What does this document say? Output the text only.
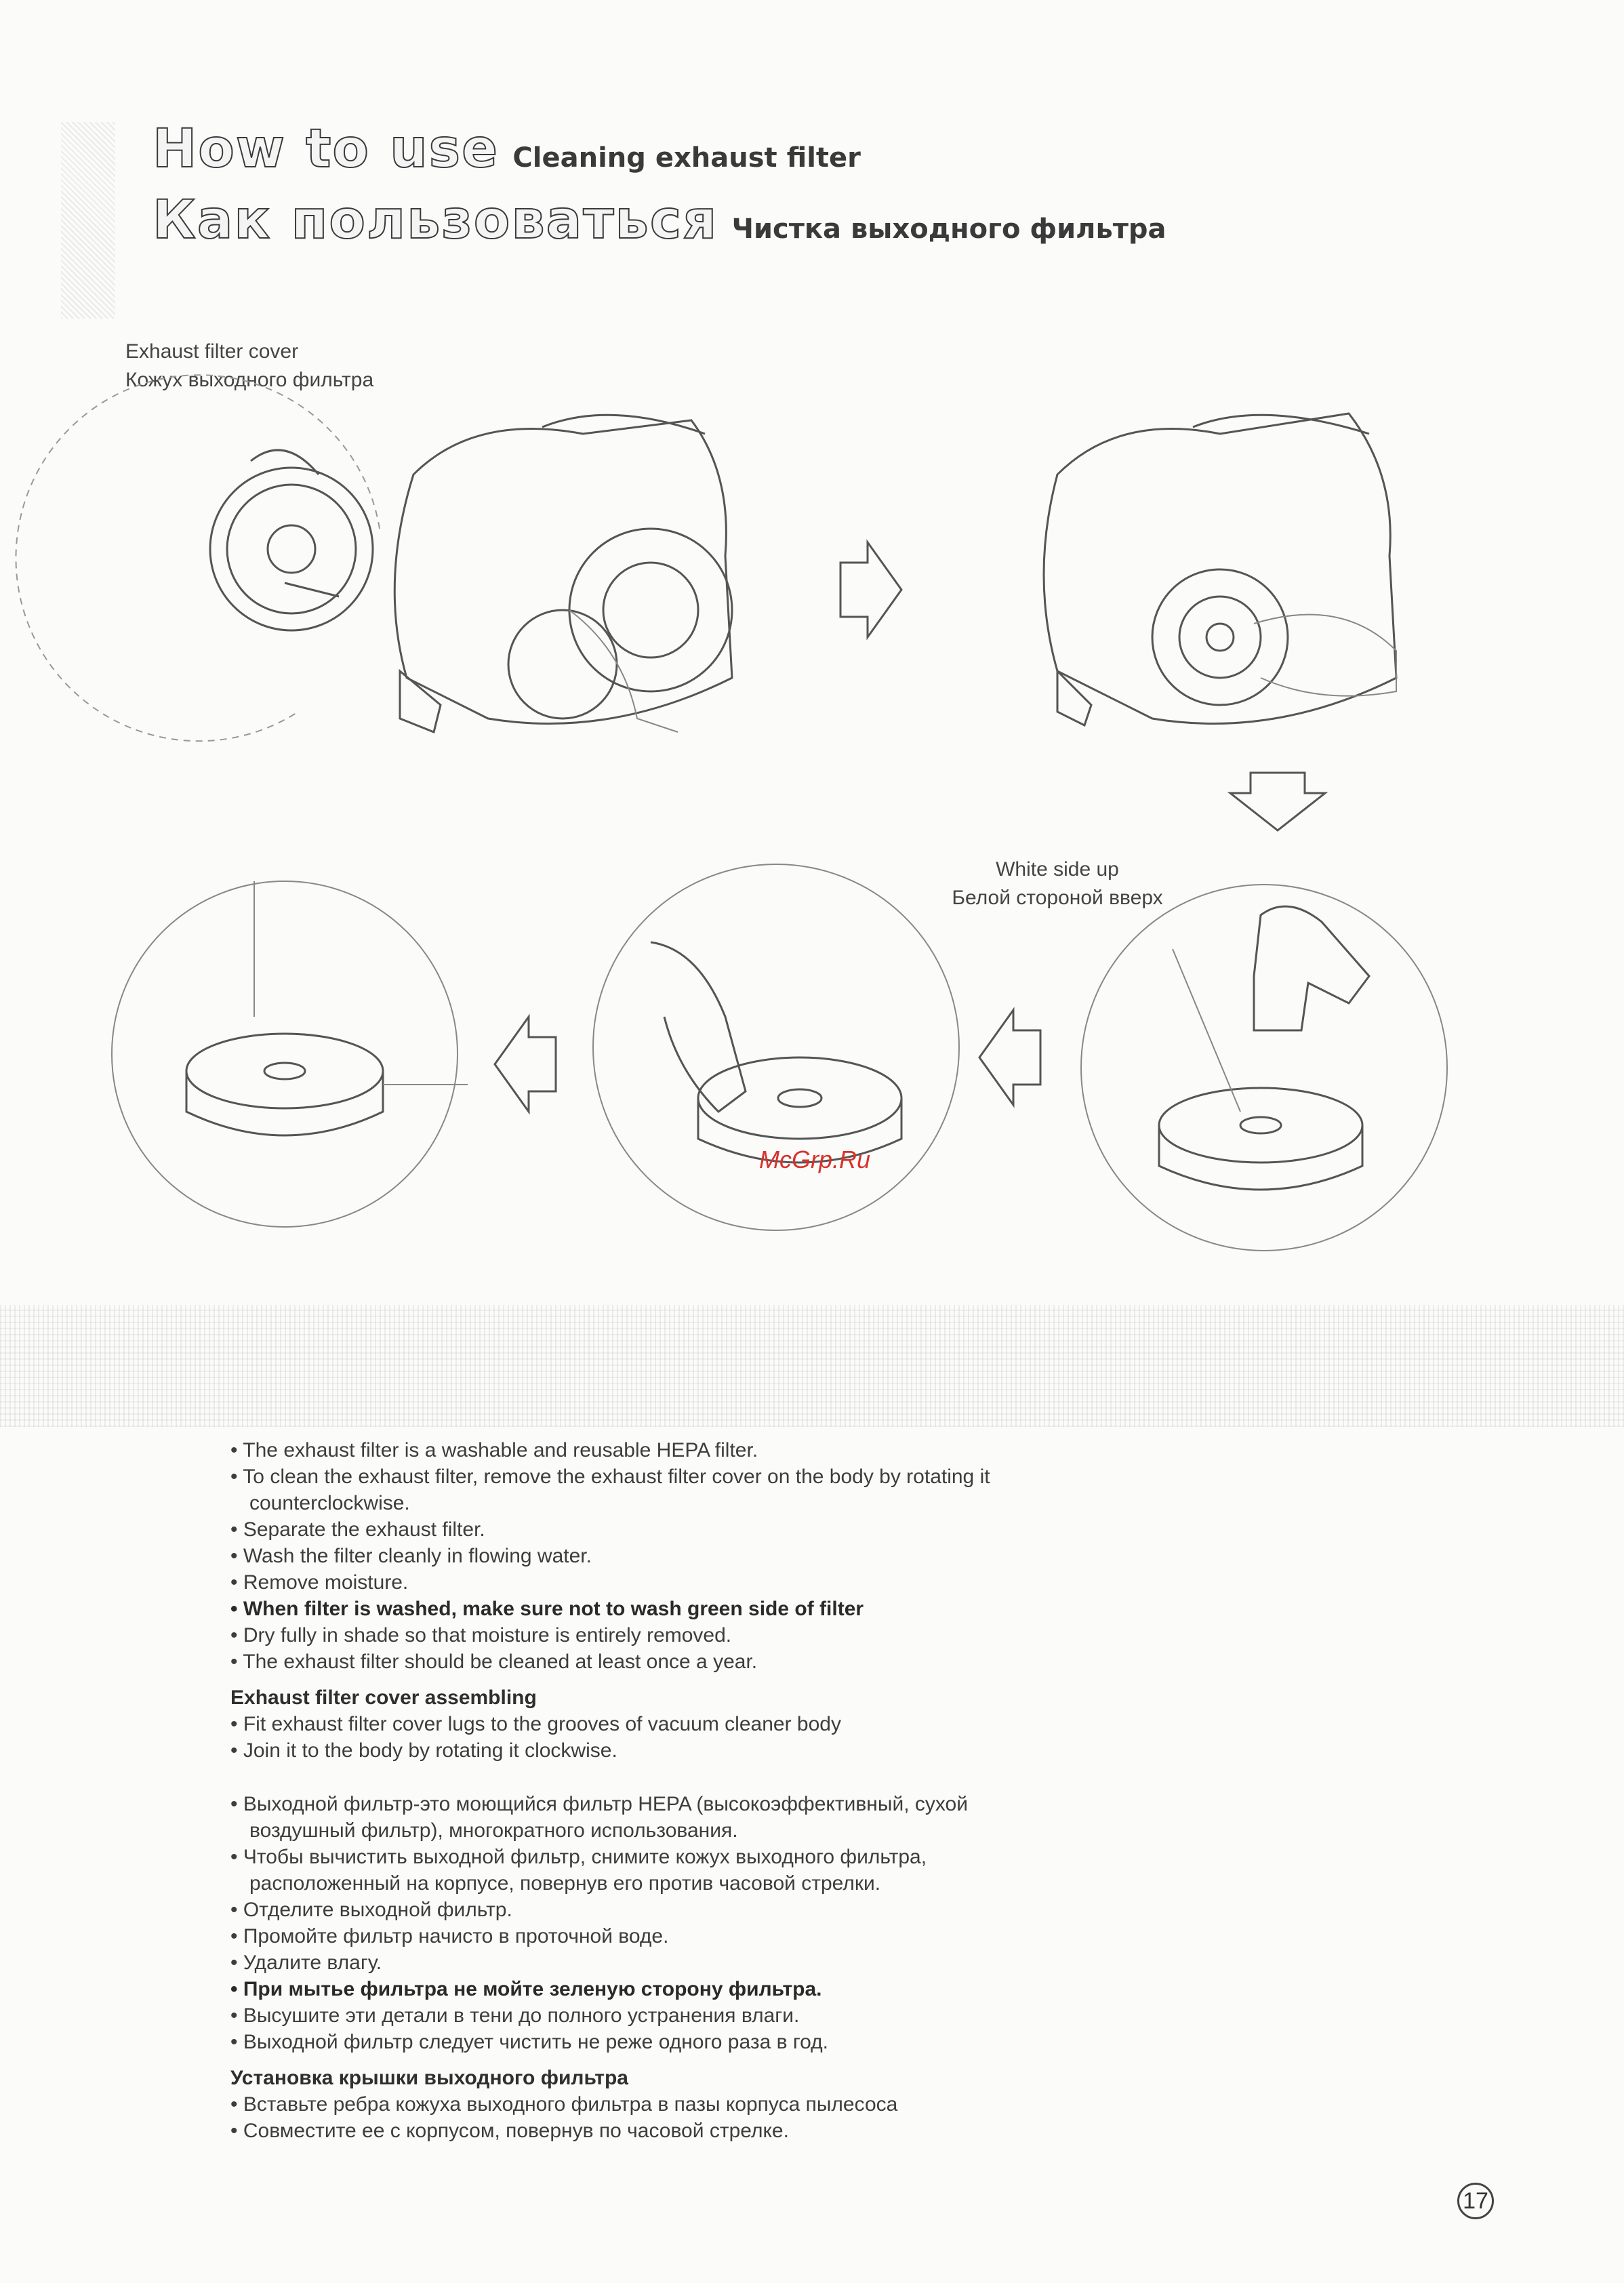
How to use Cleaning exhaust filter
Как пользоваться Чистка выходного фильтра
Exhaust filter cover
Кожух выходного фильтра
White side up
Белой стороной вверх
McGrp.Ru
• The exhaust filter is a washable and reusable HEPA filter.
• To clean the exhaust filter, remove the exhaust filter cover on the body by rotating it
counterclockwise.
• Separate the exhaust filter.
• Wash the filter cleanly in flowing water.
• Remove moisture.
• When filter is washed, make sure not to wash green side of filter
• Dry fully in shade so that moisture is entirely removed.
• The exhaust filter should be cleaned at least once a year.
Exhaust filter cover assembling
• Fit exhaust filter cover lugs to the grooves of vacuum cleaner body
• Join it to the body by rotating it clockwise.
• Выходной фильтр-это моющийся фильтр HEPA (высокоэффективный, сухой
воздушный фильтр), многократного использования.
• Чтобы вычистить выходной фильтр, снимите кожух выходного фильтра,
расположенный на корпусе, повернув его против часовой стрелки.
• Отделите выходной фильтр.
• Промойте фильтр начисто в проточной воде.
• Удалите влагу.
• При мытье фильтра не мойте зеленую сторону фильтра.
• Высушите эти детали в тени до полного устранения влаги.
• Выходной фильтр следует чистить не реже одного раза в год.
Установка крышки выходного фильтра
• Вставьте ребра кожуха выходного фильтра в пазы корпуса пылесоса
• Совместите ее с корпусом, повернув по часовой стрелке.
17
